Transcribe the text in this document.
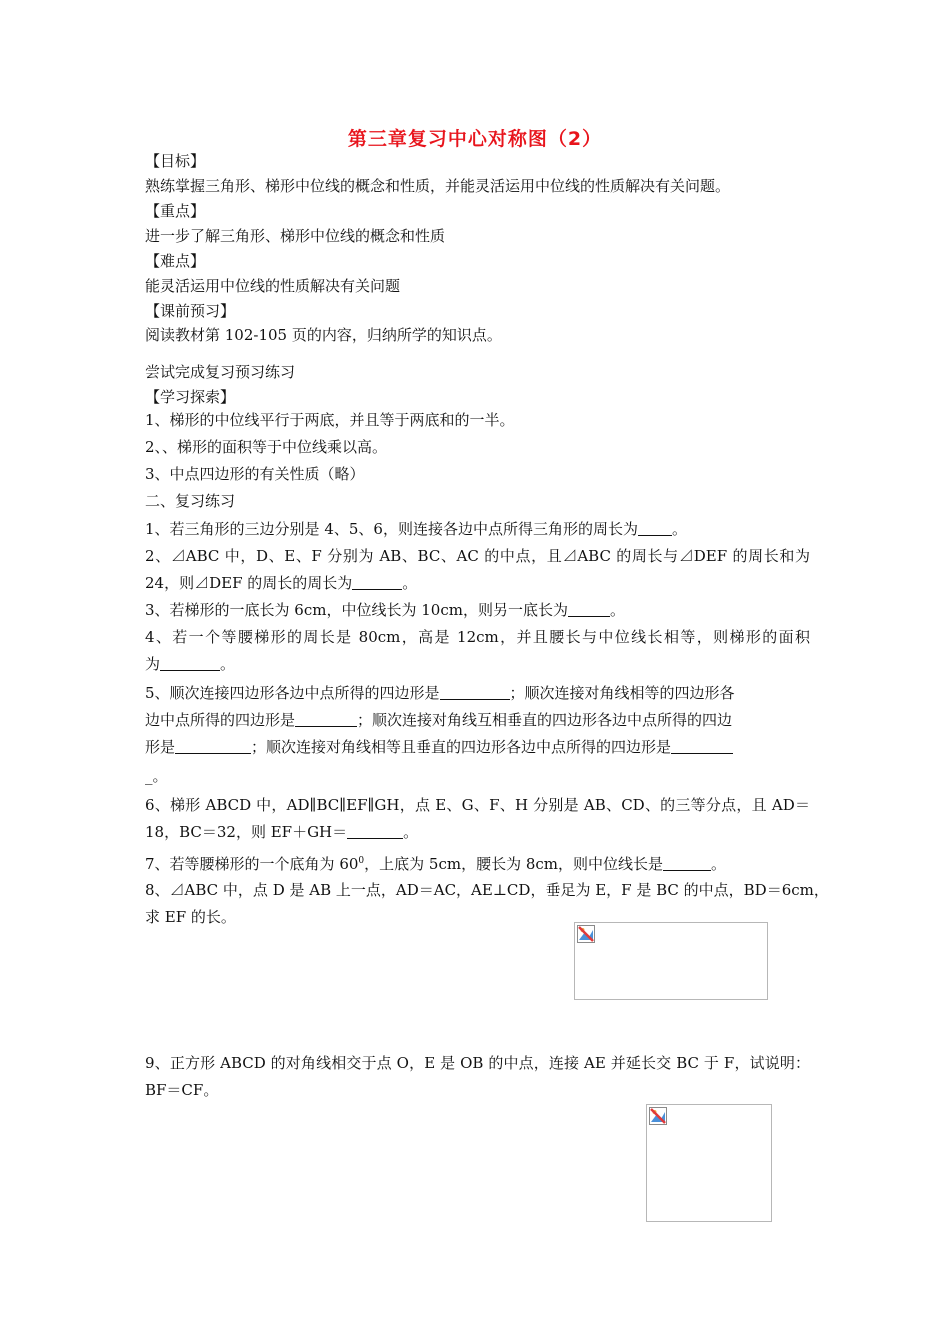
第三章复习中心对称图（2）
【目标】
熟练掌握三角形、梯形中位线的概念和性质，并能灵活运用中位线的性质解决有关问题。
【重点】
进一步了解三角形、梯形中位线的概念和性质
【难点】
能灵活运用中位线的性质解决有关问题
【课前预习】
阅读教材第 102-105 页的内容，归纳所学的知识点。
尝试完成复习预习练习
【学习探索】
1、梯形的中位线平行于两底，并且等于两底和的一半。
2、、梯形的面积等于中位线乘以高。
3、中点四边形的有关性质（略）
二、复习练习
1、若三角形的三边分别是 4、5、6，则连接各边中点所得三角形的周长为 。
2、⊿ABC 中，D、E、F 分别为 AB、BC、AC 的中点，且⊿ABC 的周长与⊿DEF 的周长和为
24，则⊿DEF 的周长的周长为	。
3、若梯形的一底长为 6cm，中位线长为 10cm，则另一底长为	。
4、若一个等腰梯形的周长是 80cm，高是 12cm，并且腰长与中位线长相等，则梯形的面积
为	。
5、顺次连接四边形各边中点所得的四边形是	；顺次连接对角线相等的四边形各
边中点所得的四边形是	；顺次连接对角线互相垂直的四边形各边中点所得的四边
形是	；顺次连接对角线相等且垂直的四边形各边中点所得的四边形是
_。
6、梯形 ABCD 中，AD∥BC∥EF∥GH，点 E、G、F、H 分别是 AB、CD、的三等分点，且 AD＝
18，BC＝32，则 EF＋GH＝	。
7、若等腰梯形的一个底角为 $60^0$，上底为 5cm，腰长为 8cm，则中位线长是	。
8、⊿ABC 中，点 D 是 AB 上一点，AD＝AC，AE⊥CD，垂足为 E，F 是 BC 的中点，BD＝6cm，
求 EF 的长。
9、正方形 ABCD 的对角线相交于点 O，E 是 OB 的中点，连接 AE 并延长交 BC 于 F，试说明：
BF＝CF。
